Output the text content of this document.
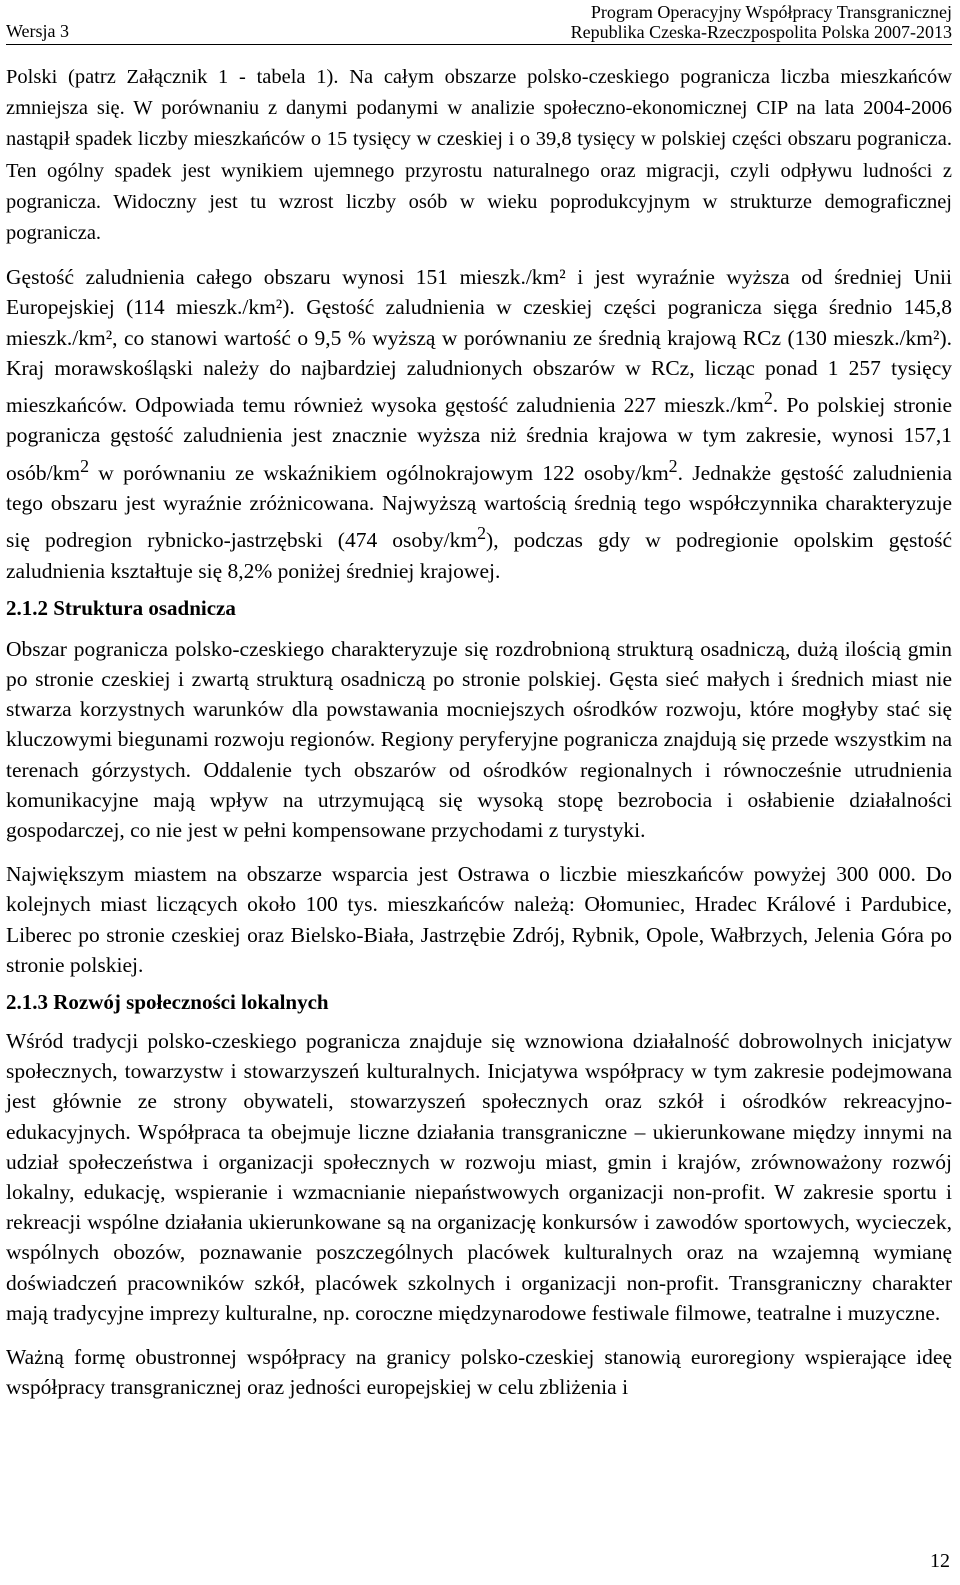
Wersja 3
Program Operacyjny Współpracy Transgranicznej
Republika Czeska-Rzeczpospolita Polska 2007-2013

Polski (patrz Załącznik 1 - tabela 1). Na całym obszarze polsko-czeskiego pogranicza liczba mieszkańców zmniejsza się. W porównaniu z danymi podanymi w analizie społeczno-ekonomicznej CIP na lata 2004-2006 nastąpił spadek liczby mieszkańców o 15 tysięcy w czeskiej i o 39,8 tysięcy w polskiej części obszaru pogranicza. Ten ogólny spadek jest wynikiem ujemnego przyrostu naturalnego oraz migracji, czyli odpływu ludności z pogranicza. Widoczny jest tu wzrost liczby osób w wieku poprodukcyjnym w strukturze demograficznej pogranicza.

Gęstość zaludnienia całego obszaru wynosi 151 mieszk./km² i jest wyraźnie wyższa od średniej Unii Europejskiej (114 mieszk./km²). Gęstość zaludnienia w czeskiej części pogranicza sięga średnio 145,8 mieszk./km², co stanowi wartość o 9,5 % wyższą w porównaniu ze średnią krajową RCz (130 mieszk./km²). Kraj morawskośląski należy do najbardziej zaludnionych obszarów w RCz, licząc ponad 1 257 tysięcy mieszkańców. Odpowiada temu również wysoka gęstość zaludnienia 227 $mieszk./km^2$. Po polskiej stronie pogranicza gęstość zaludnienia jest znacznie wyższa niż średnia krajowa w tym zakresie, wynosi 157,1 osób/$km^2$ w porównaniu ze wskaźnikiem ogólnokrajowym 122 osoby/$km^2$. Jednakże gęstość zaludnienia tego obszaru jest wyraźnie zróżnicowana. Najwyższą wartością średnią tego współczynnika charakteryzuje się podregion rybnicko-jastrzębski (474 osoby/$km^2$), podczas gdy w podregionie opolskim gęstość zaludnienia kształtuje się 8,2% poniżej średniej krajowej.

2.1.2 Struktura osadnicza

Obszar pogranicza polsko-czeskiego charakteryzuje się rozdrobnioną strukturą osadniczą, dużą ilością gmin po stronie czeskiej i zwartą strukturą osadniczą po stronie polskiej. Gęsta sieć małych i średnich miast nie stwarza korzystnych warunków dla powstawania mocniejszych ośrodków rozwoju, które mogłyby stać się kluczowymi biegunami rozwoju regionów. Regiony peryferyjne pogranicza znajdują się przede wszystkim na terenach górzystych. Oddalenie tych obszarów od ośrodków regionalnych i równocześnie utrudnienia komunikacyjne mają wpływ na utrzymującą się wysoką stopę bezrobocia i osłabienie działalności gospodarczej, co nie jest w pełni kompensowane przychodami z turystyki.

Największym miastem na obszarze wsparcia jest Ostrawa o liczbie mieszkańców powyżej 300 000. Do kolejnych miast liczących około 100 tys. mieszkańców należą: Ołomuniec, Hradec Králové i Pardubice, Liberec po stronie czeskiej oraz Bielsko-Biała, Jastrzębie Zdrój, Rybnik, Opole, Wałbrzych, Jelenia Góra po stronie polskiej.

2.1.3 Rozwój społeczności lokalnych

Wśród tradycji polsko-czeskiego pogranicza znajduje się wznowiona działalność dobrowolnych inicjatyw społecznych, towarzystw i stowarzyszeń kulturalnych. Inicjatywa współpracy w tym zakresie podejmowana jest głównie ze strony obywateli, stowarzyszeń społecznych oraz szkół i ośrodków rekreacyjno-edukacyjnych. Współpraca ta obejmuje liczne działania transgraniczne – ukierunkowane między innymi na udział społeczeństwa i organizacji społecznych w rozwoju miast, gmin i krajów, zrównoważony rozwój lokalny, edukację, wspieranie i wzmacnianie niepaństwowych organizacji non-profit. W zakresie sportu i rekreacji wspólne działania ukierunkowane są na organizację konkursów i zawodów sportowych, wycieczek, wspólnych obozów, poznawanie poszczególnych placówek kulturalnych oraz na wzajemną wymianę doświadczeń pracowników szkół, placówek szkolnych i organizacji non-profit. Transgraniczny charakter mają tradycyjne imprezy kulturalne, np. coroczne międzynarodowe festiwale filmowe, teatralne i muzyczne.

Ważną formę obustronnej współpracy na granicy polsko-czeskiej stanowią euroregiony wspierające ideę współpracy transgranicznej oraz jedności europejskiej w celu zbliżenia i

12
